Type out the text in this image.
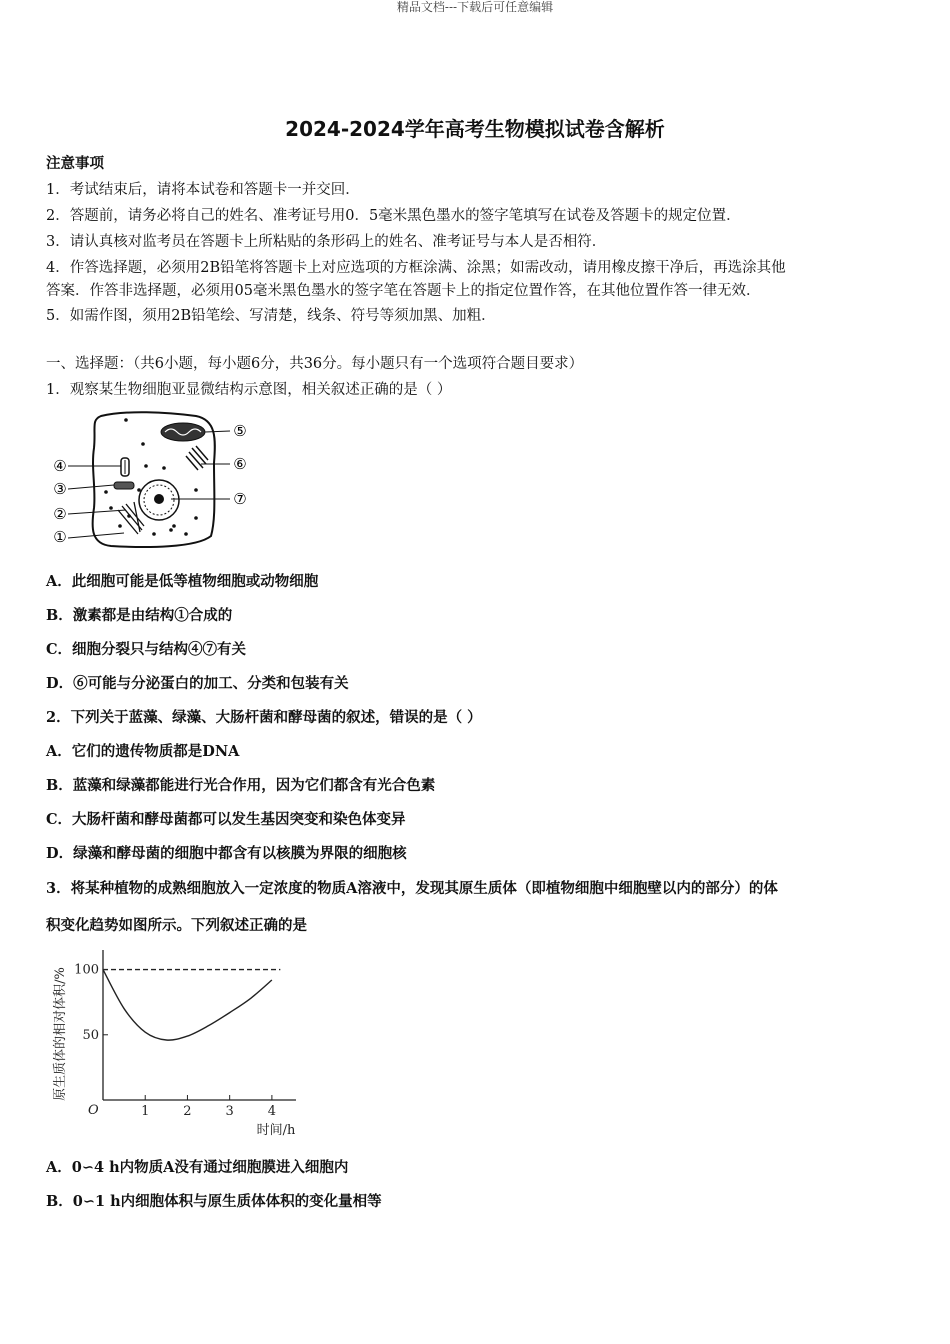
精品文档---下载后可任意编辑
2024-2024学年高考生物模拟试卷含解析
注意事项
1．考试结束后，请将本试卷和答题卡一并交回．
2．答题前，请务必将自己的姓名、准考证号用0．5毫米黑色墨水的签字笔填写在试卷及答题卡的规定位置．
3．请认真核对监考员在答题卡上所粘贴的条形码上的姓名、准考证号与本人是否相符．
4．作答选择题，必须用2B铅笔将答题卡上对应选项的方框涂满、涂黑；如需改动，请用橡皮擦干净后，再选涂其他
答案．作答非选择题，必须用05毫米黑色墨水的签字笔在答题卡上的指定位置作答，在其他位置作答一律无效．
5．如需作图，须用2B铅笔绘、写清楚，线条、符号等须加黑、加粗．
一、选择题：（共6小题，每小题6分，共36分。每小题只有一个选项符合题目要求）
1．观察某生物细胞亚显微结构示意图，相关叙述正确的是（ ）
①
②
③
④
⑤
⑥
⑦
A．此细胞可能是低等植物细胞或动物细胞
B．激素都是由结构①合成的
C．细胞分裂只与结构④⑦有关
D．⑥可能与分泌蛋白的加工、分类和包装有关
2．下列关于蓝藻、绿藻、大肠杆菌和酵母菌的叙述，错误的是（ ）
A．它们的遗传物质都是DNA
B．蓝藻和绿藻都能进行光合作用，因为它们都含有光合色素
C．大肠杆菌和酵母菌都可以发生基因突变和染色体变异
D．绿藻和酵母菌的细胞中都含有以核膜为界限的细胞核
3．将某种植物的成熟细胞放入一定浓度的物质A溶液中，发现其原生质体（即植物细胞中细胞壁以内的部分）的体
积变化趋势如图所示。下列叙述正确的是
原生质体的相对体积/%
时间/h
O	1	2	3	4
50
100
A．0∽4 h内物质A没有通过细胞膜进入细胞内
B．0∽1 h内细胞体积与原生质体体积的变化量相等
